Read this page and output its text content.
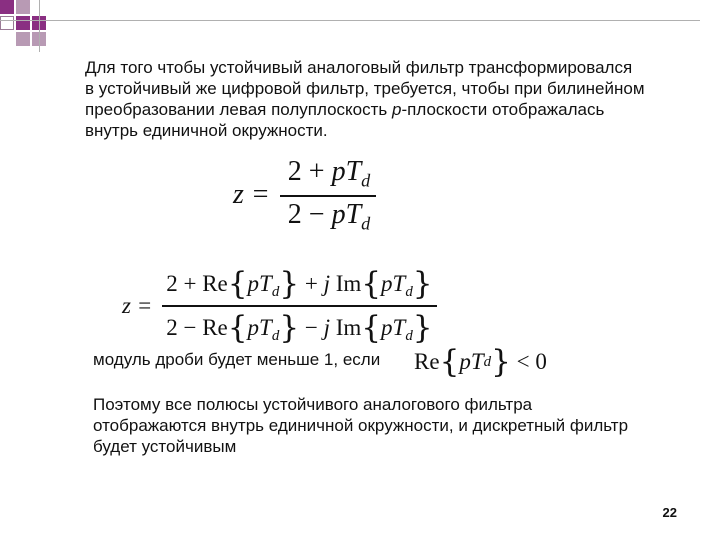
Для того чтобы устойчивый аналоговый фильтр трансформировался в устойчивый же цифровой фильтр, требуется, чтобы при билинейном преобразовании левая полуплоскость p-плоскости отображалась внутрь единичной окружности.

$z = \frac{2 + pT_d}{2 - pT_d}$
$z = \frac{2 + Re\{pT_d\} + j Im\{pT_d\}}{2 - Re\{pT_d\} - j Im\{pT_d\}}$

модуль дроби будет меньше 1, если	Re { p T d }
<
0

Поэтому все полюсы устойчивого аналогового фильтра отображаются внутрь единичной окружности, и дискретный фильтр будет устойчивым

22
